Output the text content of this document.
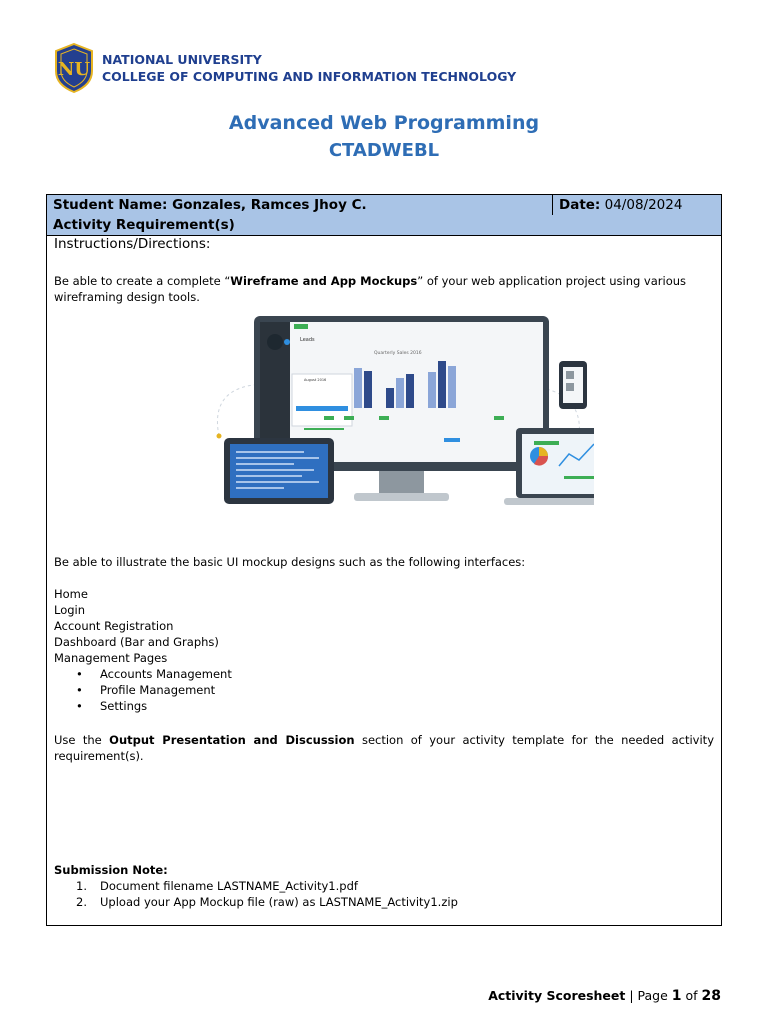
NU NATIONAL UNIVERSITY
COLLEGE OF COMPUTING AND INFORMATION TECHNOLOGY
Advanced Web Programming
CTADWEBL
Student Name: Gonzales, Ramces Jhoy C.	Date: 04/08/2024
Activity Requirement(s)
Instructions/Directions:
Be able to create a complete “Wireframe and App Mockups” of your web application project using various wireframing design tools.
Leads
Quarterly Sales 2016
August 2016
Be able to illustrate the basic UI mockup designs such as the following interfaces:
Home
Login
Account Registration
Dashboard (Bar and Graphs)
Management Pages
• Accounts Management
• Profile Management
• Settings
Use the Output Presentation and Discussion section of your activity template for the needed activity requirement(s).
Submission Note:
1. Document filename LASTNAME_Activity1.pdf
2. Upload your App Mockup file (raw) as LASTNAME_Activity1.zip
Activity Scoresheet | Page 1 of 28
